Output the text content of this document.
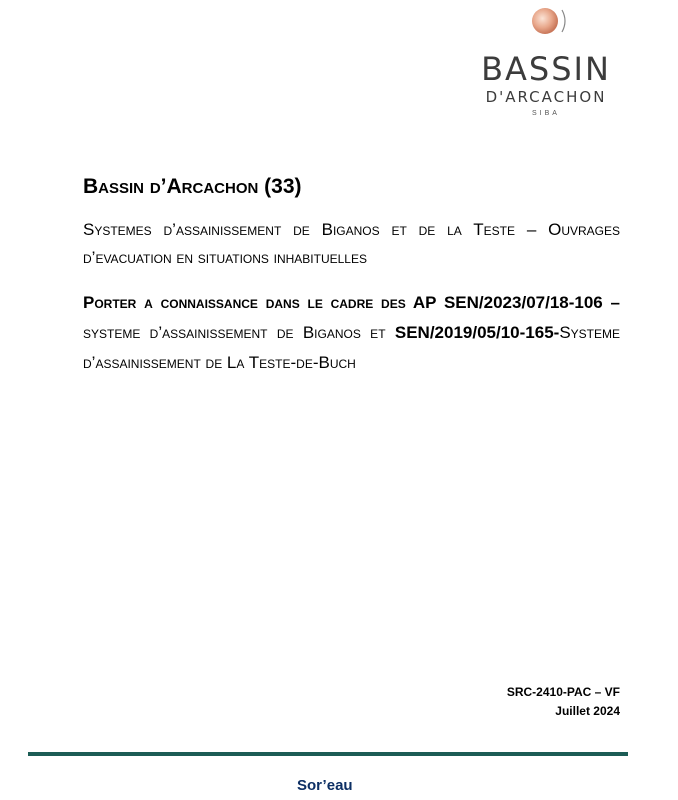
BASSIN
D'ARCACHON
SIBA

Bassin d’Arcachon (33)

Systemes d’assainissement de Biganos et de la Teste – Ouvrages d’evacuation en situations inhabituelles

Porter a connaissance dans le cadre des AP SEN/2023/07/18-106 – systeme d’assainissement de Biganos et SEN/2019/05/10-165-Systeme d’assainissement de La Teste-de-Buch

SRC-2410-PAC – VF
Juillet 2024
Sor’eau
